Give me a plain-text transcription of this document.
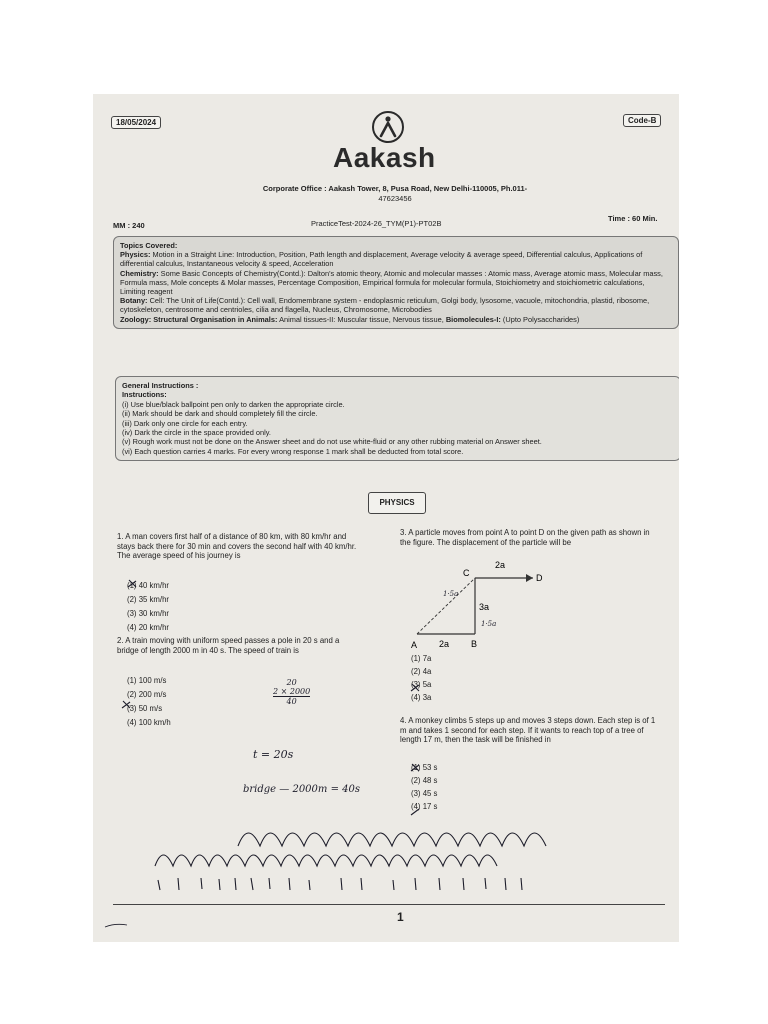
18/05/2024	Code-B
Aakash
Corporate Office : Aakash Tower, 8, Pusa Road, New Delhi-110005, Ph.011-
47623456
MM : 240	PracticeTest-2024-26_TYM(P1)-PT02B
Time : 60 Min.
Topics Covered:
Physics: Motion in a Straight Line: Introduction, Position, Path length and displacement, Average velocity & average speed, Differential calculus, Applications of differential calculus, Instantaneous velocity & speed, Acceleration
Chemistry: Some Basic Concepts of Chemistry(Contd.): Dalton's atomic theory, Atomic and molecular masses : Atomic mass, Average atomic mass, Molecular mass, Formula mass, Mole concepts & Molar masses, Percentage Composition, Empirical formula for molecular formula, Stoichiometry and stoichiometric calculations, Limiting reagent
Botany: Cell: The Unit of Life(Contd.): Cell wall, Endomembrane system - endoplasmic reticulum, Golgi body, lysosome, vacuole, mitochondria, plastid, ribosome, cytoskeleton, centrosome and centrioles, cilia and flagella, Nucleus, Chromosome, Microbodies
Zoology: Structural Organisation in Animals: Animal tissues-II: Muscular tissue, Nervous tissue, Biomolecules-I: (Upto Polysaccharides)
General Instructions :
Instructions:
(i) Use blue/black ballpoint pen only to darken the appropriate circle.
(ii) Mark should be dark and should completely fill the circle.
(iii) Dark only one circle for each entry.
(iv) Dark the circle in the space provided only.
(v) Rough work must not be done on the Answer sheet and do not use white-fluid or any other rubbing material on Answer sheet.
(vi) Each question carries 4 marks. For every wrong response 1 mark shall be deducted from total score.
PHYSICS
1. A man covers first half of a distance of 80 km, with 80 km/hr and stays back there for 30 min and covers the second half with 40 km/hr. The average speed of his journey is
(1) 40 km/hr
(2) 35 km/hr
(3) 30 km/hr
(4) 20 km/hr
2. A train moving with uniform speed passes a pole in 20 s and a bridge of length 2000 m in 40 s. The speed of train is
(1) 100 m/s
(2) 200 m/s
(3) 50 m/s
(4) 100 km/h
3. A particle moves from point A to point D on the given path as shown in the figure. The displacement of the particle will be
A	B
C	D
2a
2a
3a
1·5a
1·5a
(1) 7a
(2) 4a
(3) 5a
(4) 3a
4. A monkey climbs 5 steps up and moves 3 steps down. Each step is of 1 m and takes 1 second for each step. If it wants to reach top of a tree of length 17 m, then the task will be finished in
(1) 53 s
(2) 48 s
(3) 45 s
(4) 17 s
20
2 × 2000
40
t = 20s
bridge — 2000m = 40s
1
